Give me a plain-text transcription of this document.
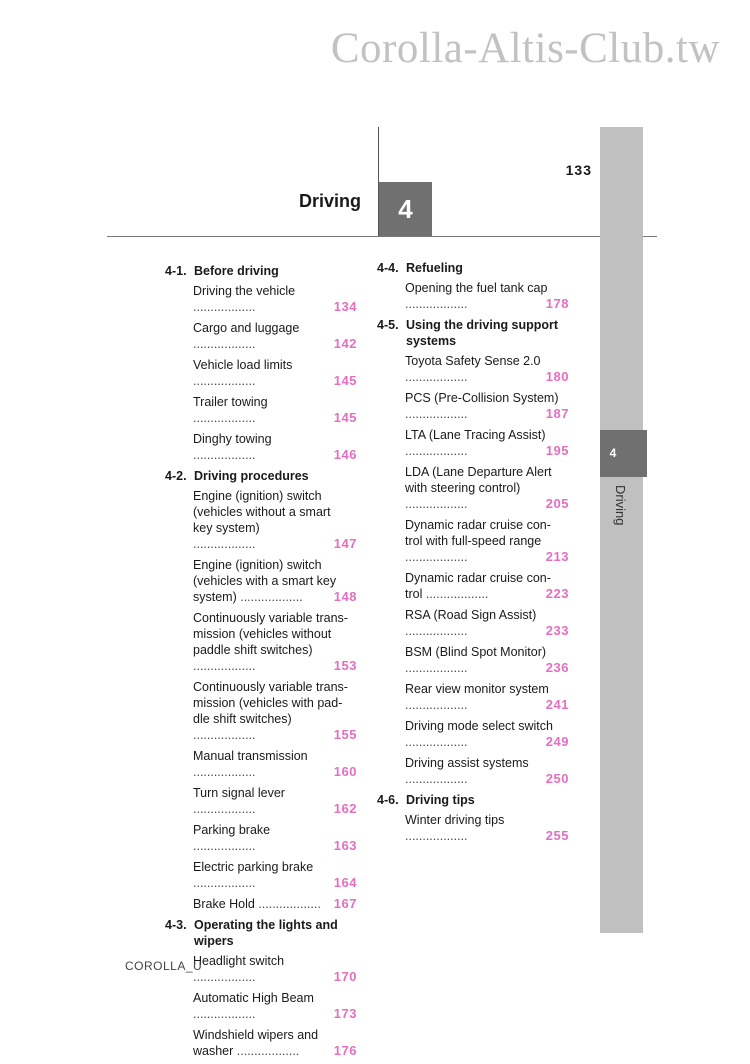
Corolla-Altis-Club.tw
133
Driving	4
4
Driving
4-1. Before driving
Driving the vehicle ..................	134
Cargo and luggage ..................	142
Vehicle load limits ..................	145
Trailer towing ..................	145
Dinghy towing ..................	146
4-2. Driving procedures
Engine (ignition) switch
(vehicles without a smart
key system) ..................	147
Engine (ignition) switch
(vehicles with a smart key
system) .................. 148
Continuously variable trans-
mission (vehicles without
paddle shift switches)
..................	153
Continuously variable trans-
mission (vehicles with pad-
dle shift switches) ..................	155
Manual transmission ..................	160
Turn signal lever ..................	162
Parking brake ..................	163
Electric parking brake ..................	164
Brake Hold .................. 167
4-3. Operating the lights and
wipers
Headlight switch ..................	170
Automatic High Beam ..................	173
Windshield wipers and
washer ..................	176
4-4. Refueling
Opening the fuel tank cap
..................	178
4-5. Using the driving support
systems
Toyota Safety Sense 2.0
..................	180
PCS (Pre-Collision System)
..................	187
LTA (Lane Tracing Assist)
..................	195
LDA (Lane Departure Alert
with steering control) ..................	205
Dynamic radar cruise con-
trol with full-speed range
..................	213
Dynamic radar cruise con-
trol ..................	223
RSA (Road Sign Assist)
..................	233
BSM (Blind Spot Monitor)
..................	236
Rear view monitor system
..................	241
Driving mode select switch
..................	249
Driving assist systems
..................	250
4-6. Driving tips
Winter driving tips ..................	255
COROLLA_U
